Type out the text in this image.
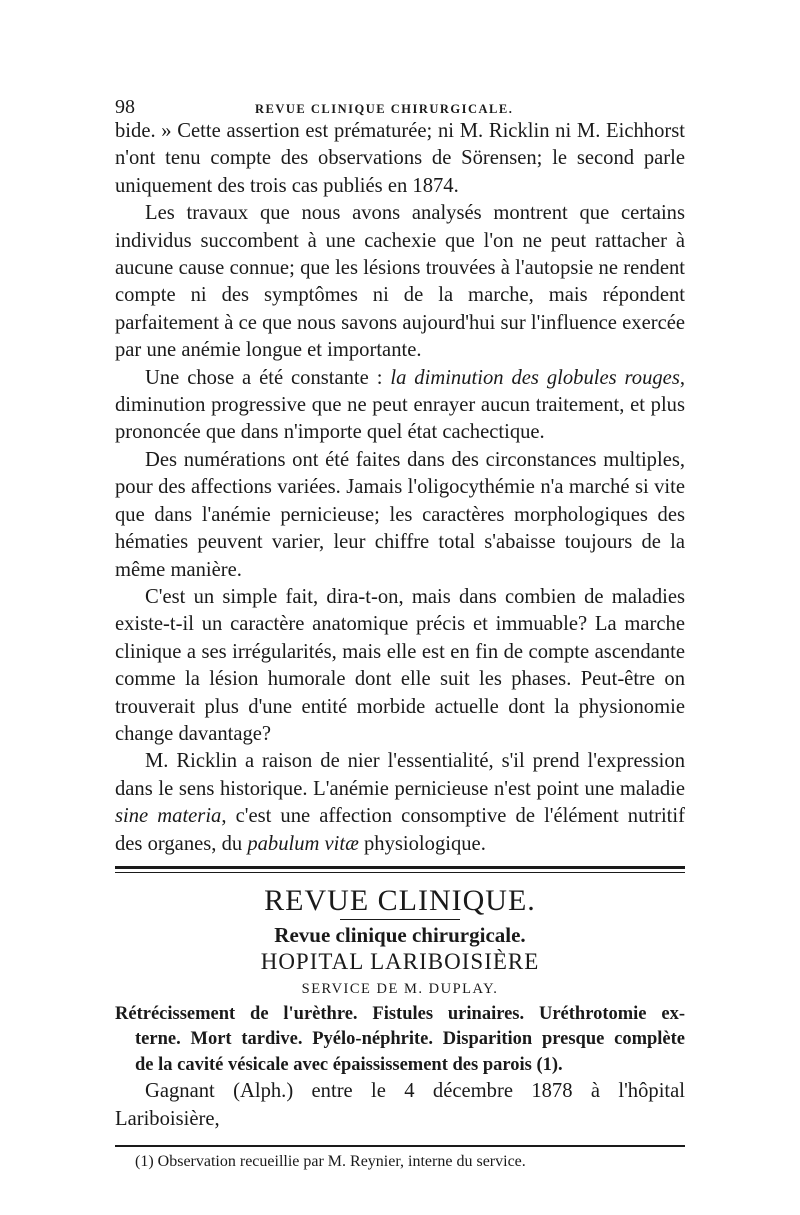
98	REVUE CLINIQUE CHIRURGICALE.

bide. » Cette assertion est prématurée; ni M. Ricklin ni M. Eichhorst n'ont tenu compte des observations de Sörensen; le second parle uniquement des trois cas publiés en 1874.

Les travaux que nous avons analysés montrent que certains individus succombent à une cachexie que l'on ne peut rattacher à aucune cause connue; que les lésions trouvées à l'autopsie ne rendent compte ni des symptômes ni de la marche, mais répondent parfaitement à ce que nous savons aujourd'hui sur l'influence exercée par une anémie longue et importante.

Une chose a été constante : la diminution des globules rouges, diminution progressive que ne peut enrayer aucun traitement, et plus prononcée que dans n'importe quel état cachectique.

Des numérations ont été faites dans des circonstances multiples, pour des affections variées. Jamais l'oligocythémie n'a marché si vite que dans l'anémie pernicieuse; les caractères morphologiques des hématies peuvent varier, leur chiffre total s'abaisse toujours de la même manière.

C'est un simple fait, dira-t-on, mais dans combien de maladies existe-t-il un caractère anatomique précis et immuable? La marche clinique a ses irrégularités, mais elle est en fin de compte ascendante comme la lésion humorale dont elle suit les phases. Peut-être on trouverait plus d'une entité morbide actuelle dont la physionomie change davantage?

M. Ricklin a raison de nier l'essentialité, s'il prend l'expression dans le sens historique. L'anémie pernicieuse n'est point une maladie sine materia, c'est une affection consomptive de l'élément nutritif des organes, du pabulum vitæ physiologique.

REVUE CLINIQUE.
Revue clinique chirurgicale.
HOPITAL LARIBOISIÈRE
SERVICE DE M. DUPLAY.

Rétrécissement de l'urèthre. Fistules urinaires. Uréthrotomie ex-
terne. Mort tardive. Pyélo-néphrite. Disparition presque complète
de la cavité vésicale avec épaississement des parois (1).

Gagnant (Alph.) entre le 4 décembre 1878 à l'hôpital Lariboisière,

(1) Observation recueillie par M. Reynier, interne du service.
